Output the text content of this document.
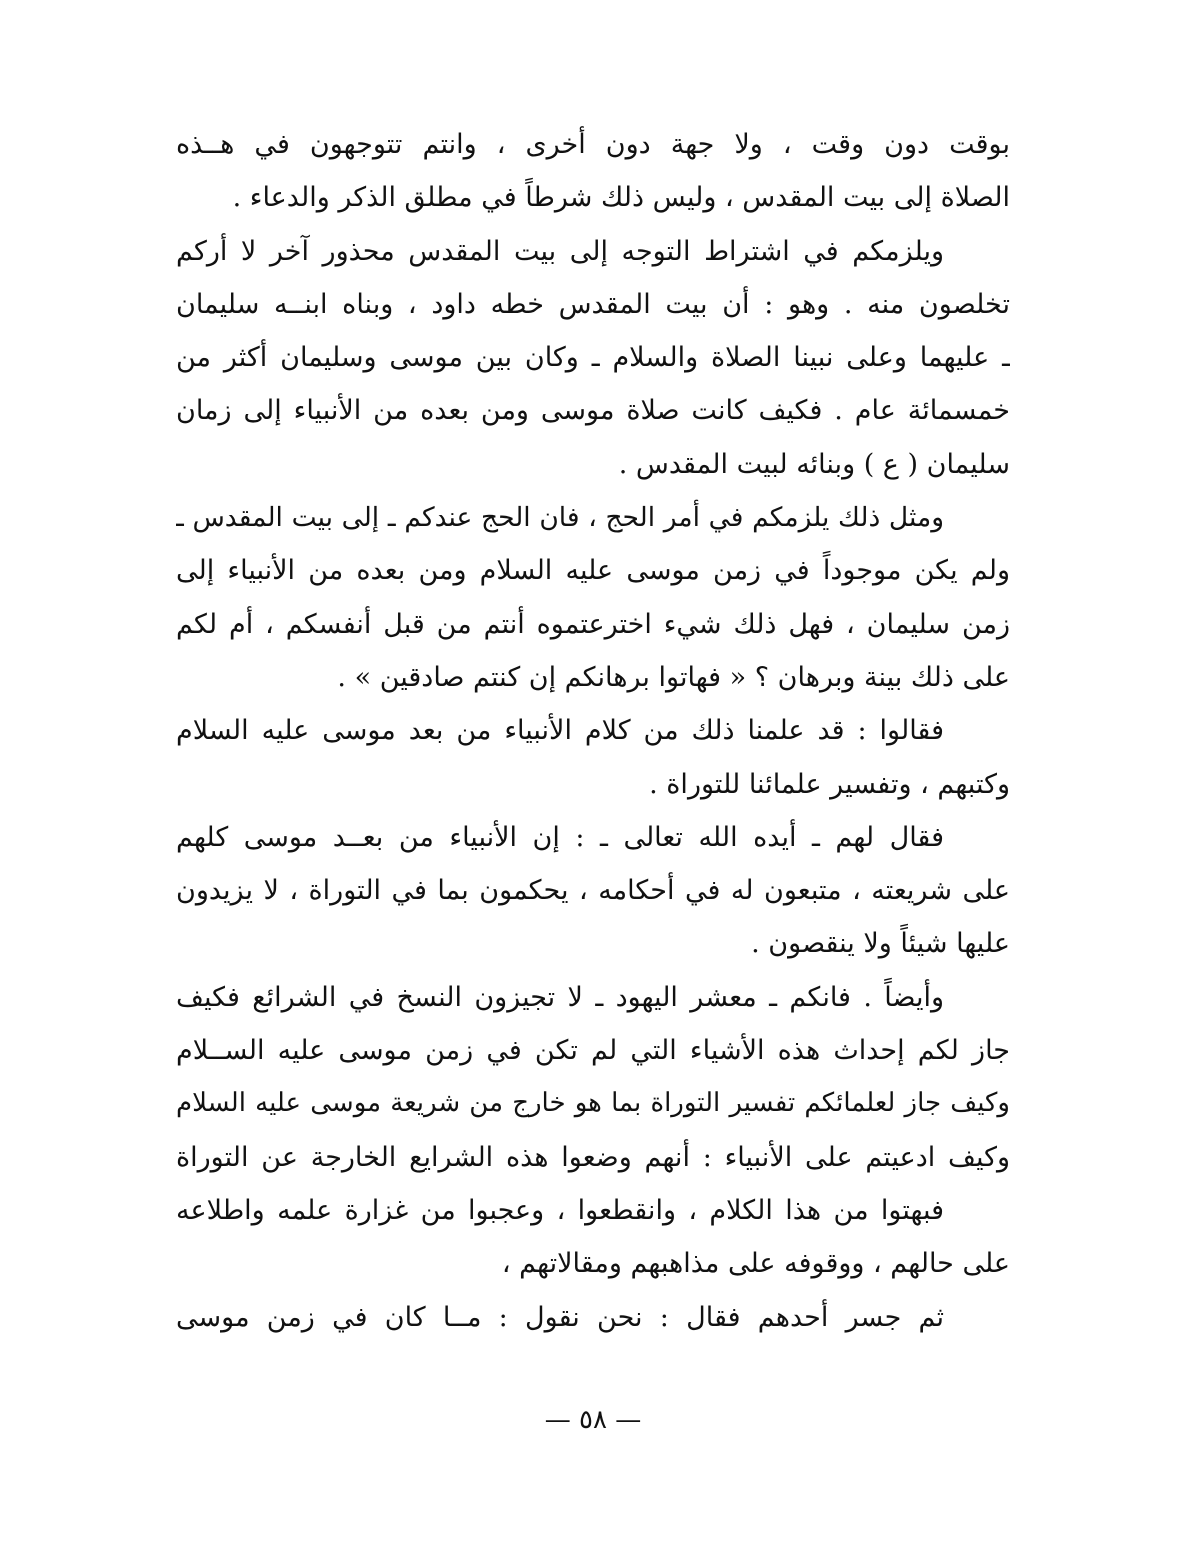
بوقت دون وقت ، ولا جهة دون أخرى ، وانتم تتوجهون في هــذه
الصلاة إلى بيت المقدس ، وليس ذلك شرطاً في مطلق الذكر والدعاء .
ويلزمكم في اشتراط التوجه إلى بيت المقدس محذور آخر لا أركم
تخلصون منه . وهو : أن بيت المقدس خطه داود ، وبناه ابنــه سليمان
ـ عليهما وعلى نبينا الصلاة والسلام ـ وكان بين موسى وسليمان أكثر من
خمسمائة عام . فكيف كانت صلاة موسى ومن بعده من الأنبياء إلى زمان
سليمان ( ع ) وبنائه لبيت المقدس .
ومثل ذلك يلزمكم في أمر الحج ، فان الحج عندكم ـ إلى بيت المقدس ـ
ولم يكن موجوداً في زمن موسى عليه السلام ومن بعده من الأنبياء إلى
زمن سليمان ، فهل ذلك شيء اخترعتموه أنتم من قبل أنفسكم ، أم لكم
على ذلك بينة وبرهان ؟ « فهاتوا برهانكم إن كنتم صادقين » .
فقالوا : قد علمنا ذلك من كلام الأنبياء من بعد موسى عليه السلام
وكتبهم ، وتفسير علمائنا للتوراة .
فقال لهم ـ أيده الله تعالى ـ : إن الأنبياء من بعــد موسى كلهم
على شريعته ، متبعون له في أحكامه ، يحكمون بما في التوراة ، لا يزيدون
عليها شيئاً ولا ينقصون .
وأيضاً . فانكم ـ معشر اليهود ـ لا تجيزون النسخ في الشرائع فكيف
جاز لكم إحداث هذه الأشياء التي لم تكن في زمن موسى عليه الســلام
وكيف جاز لعلمائكم تفسير التوراة بما هو خارج من شريعة موسى عليه السلام
وكيف ادعيتم على الأنبياء : أنهم وضعوا هذه الشرايع الخارجة عن التوراة
فبهتوا من هذا الكلام ، وانقطعوا ، وعجبوا من غزارة علمه واطلاعه
على حالهم ، ووقوفه على مذاهبهم ومقالاتهم ،
ثم جسر أحدهم فقال : نحن نقول : مــا كان في زمن موسى
— ٥٨ —
